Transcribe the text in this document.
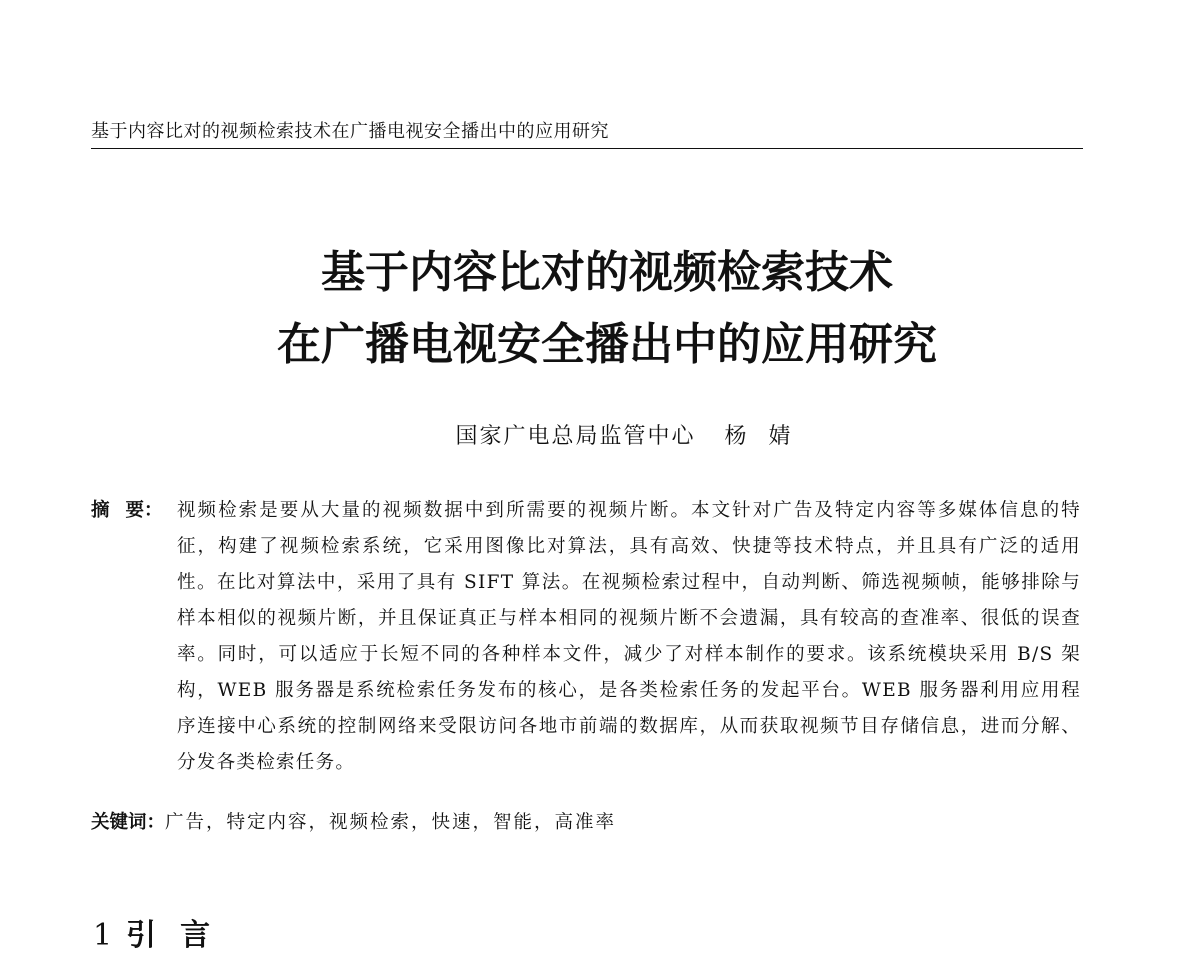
基于内容比对的视频检索技术在广播电视安全播出中的应用研究
基于内容比对的视频检索技术
在广播电视安全播出中的应用研究
国家广电总局监管中心 杨婧
摘 要： 视频检索是要从大量的视频数据中到所需要的视频片断。本文针对广告及特定内容等多媒体信息的特征，构建了视频检索系统，它采用图像比对算法，具有高效、快捷等技术特点，并且具有广泛的适用性。在比对算法中，采用了具有 SIFT 算法。在视频检索过程中，自动判断、筛选视频帧，能够排除与样本相似的视频片断，并且保证真正与样本相同的视频片断不会遗漏，具有较高的查准率、很低的误查率。同时，可以适应于长短不同的各种样本文件，减少了对样本制作的要求。该系统模块采用 B/S 架构，WEB 服务器是系统检索任务发布的核心，是各类检索任务的发起平台。WEB 服务器利用应用程序连接中心系统的控制网络来受限访问各地市前端的数据库，从而获取视频节目存储信息，进而分解、分发各类检索任务。
关键词：广告，特定内容，视频检索，快速，智能，高准率
1 引言
